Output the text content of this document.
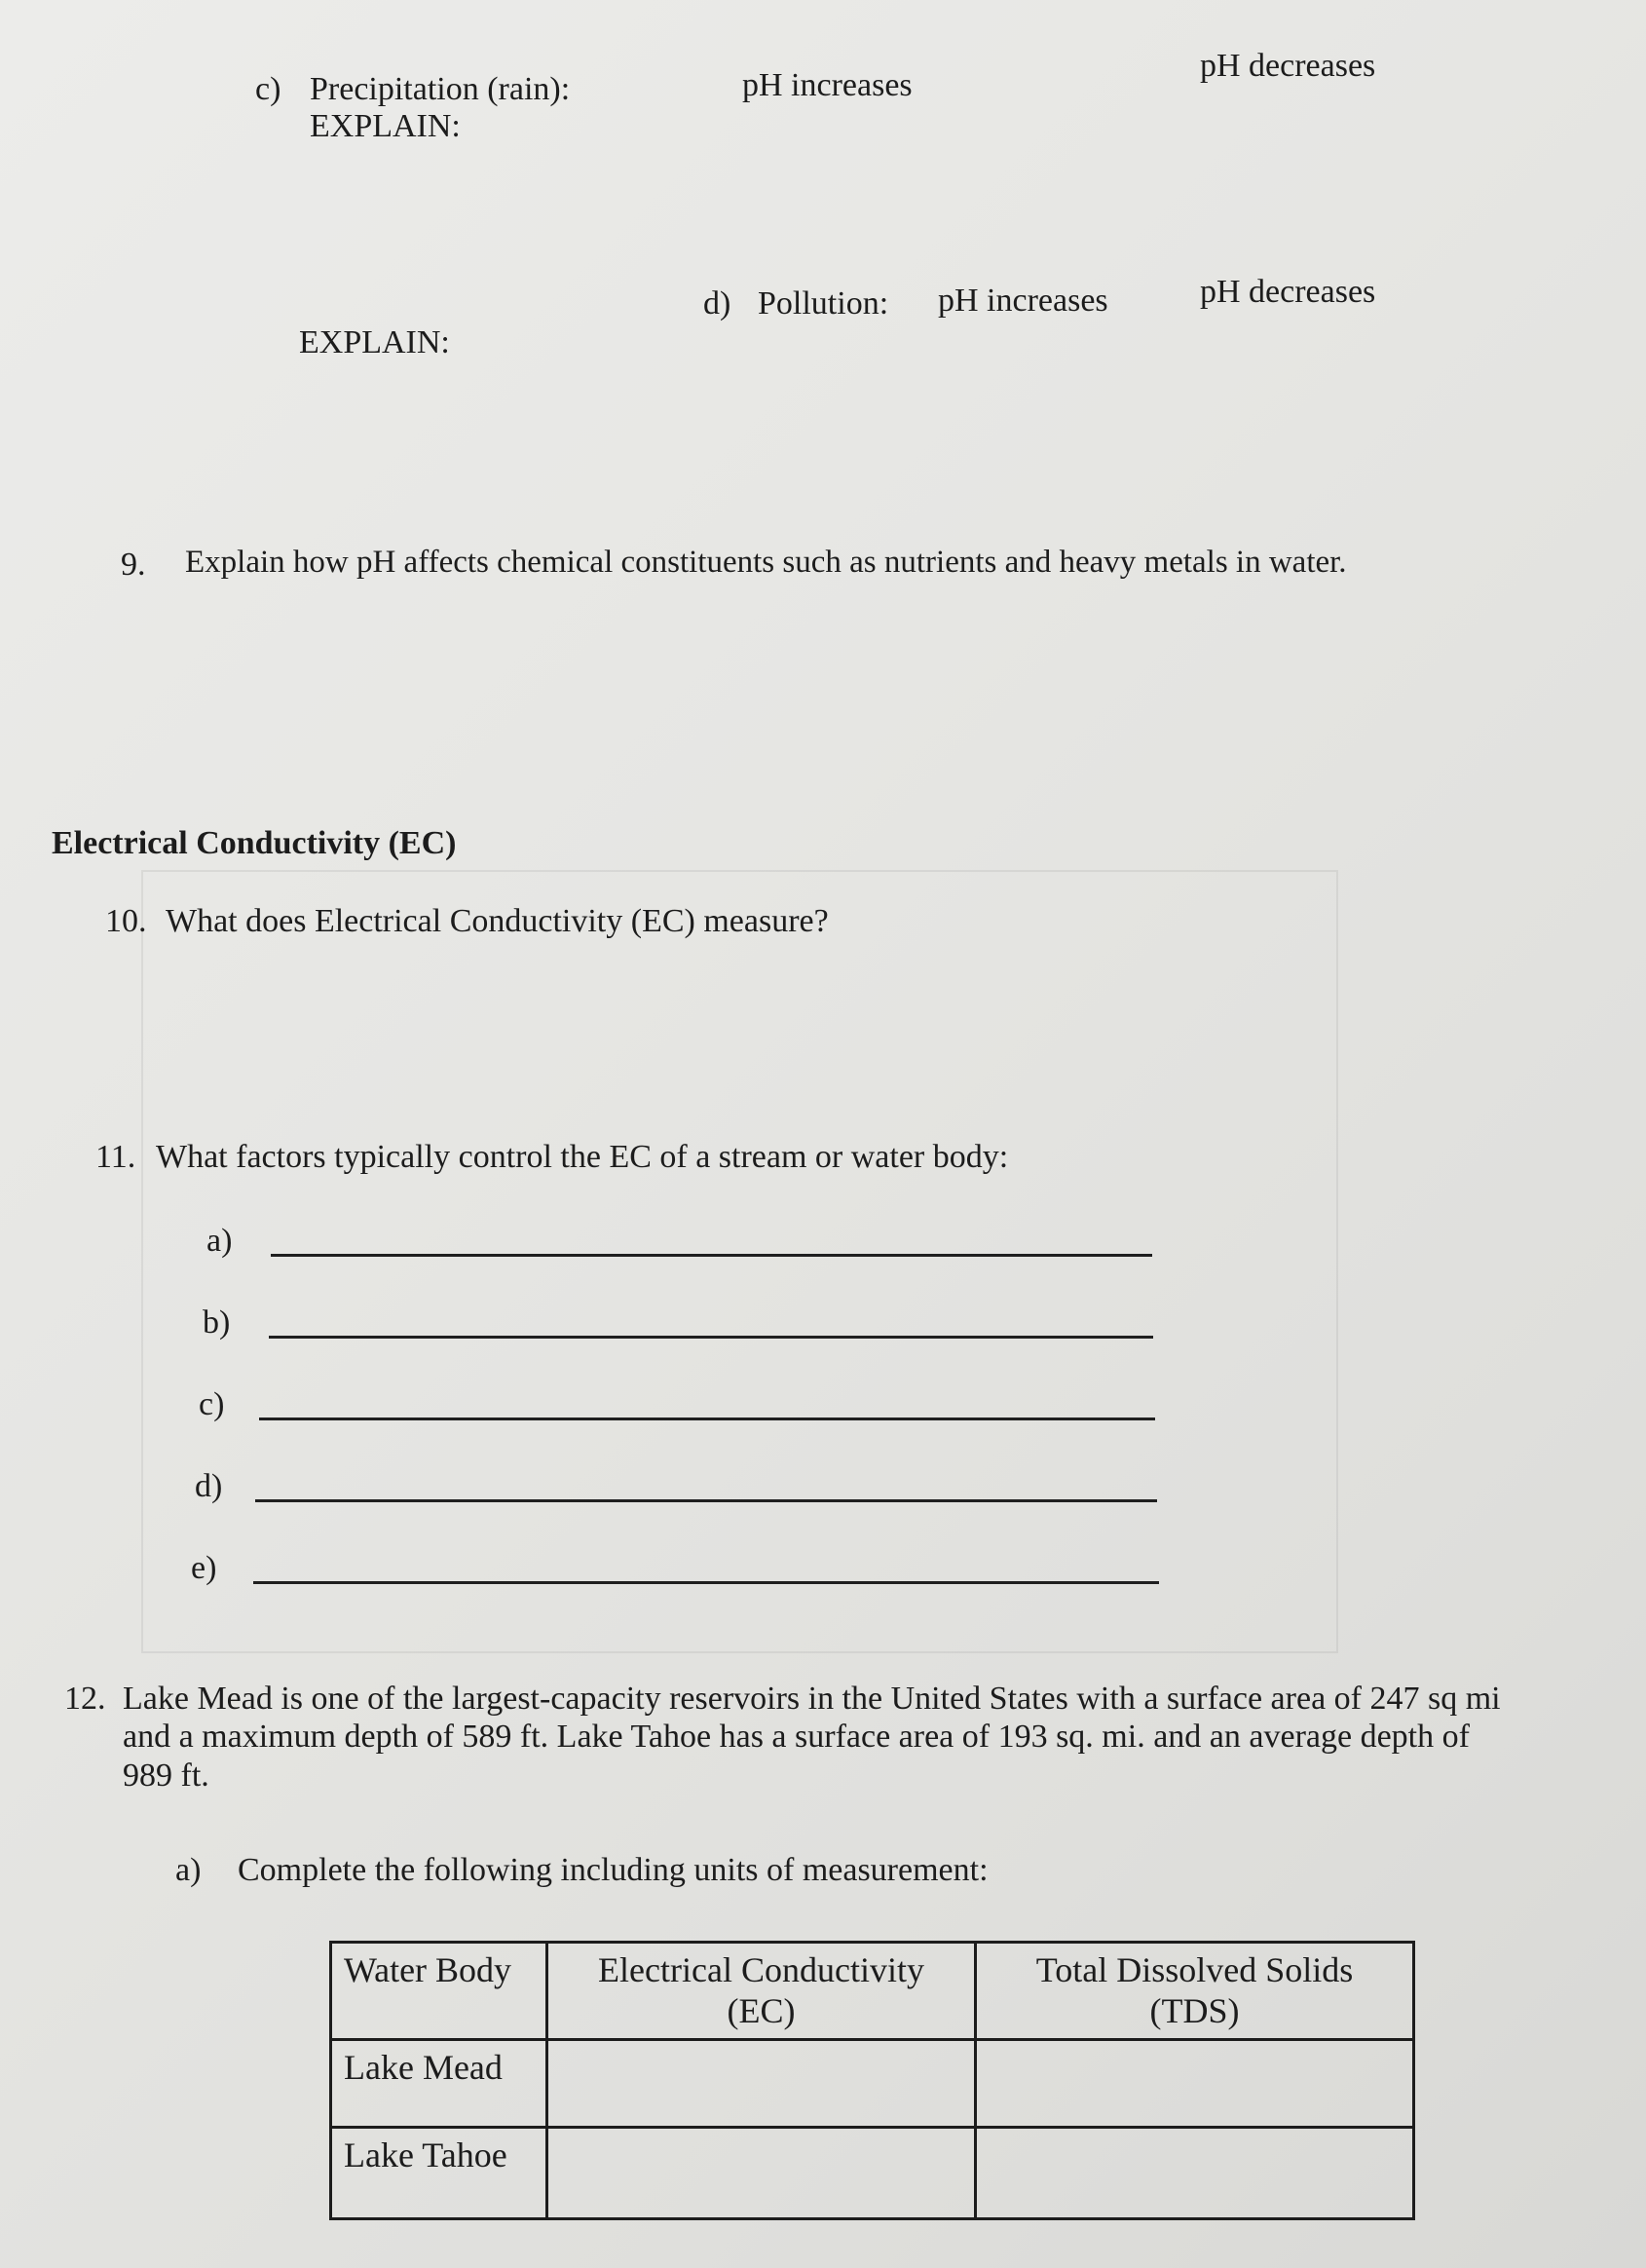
c) Precipitation (rain):	pH increases
pH decreases
EXPLAIN:
d) Pollution: pH increases	pH decreases
EXPLAIN:
9. Explain how pH affects chemical constituents such as nutrients and heavy metals in water.
Electrical Conductivity (EC)
10. What does Electrical Conductivity (EC) measure?
11. What factors typically control the EC of a stream or water body:
a)
b)
c)
d)
e)
12. Lake Mead is one of the largest-capacity reservoirs in the United States with a surface area of 247 sq mi and a maximum depth of 589 ft. Lake Tahoe has a surface area of 193 sq. mi. and an average depth of 989 ft.
a) Complete the following including units of measurement:
Water Body	Electrical Conductivity (EC)	Total Dissolved Solids (TDS)
Lake Mead		
Lake Tahoe		
